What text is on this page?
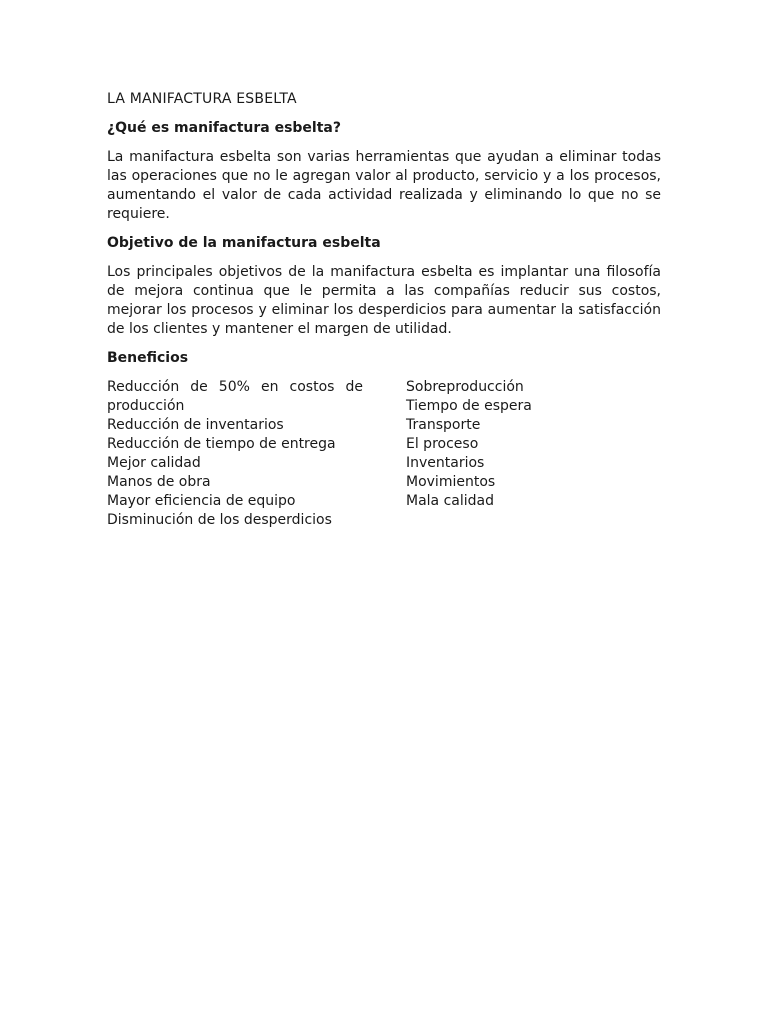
LA MANIFACTURA ESBELTA

¿Qué es manifactura esbelta?

La manifactura esbelta son varias herramientas que ayudan a eliminar todas las operaciones que no le agregan valor al producto, servicio y a los procesos, aumentando el valor de cada actividad realizada y eliminando lo que no se requiere.

Objetivo de la manifactura esbelta

Los principales objetivos de la manifactura esbelta es implantar una filosofía de mejora continua que le permita a las compañías reducir sus costos, mejorar los procesos y eliminar los desperdicios para aumentar la satisfacción de los clientes y mantener el margen de utilidad.

Beneficios

Reducción de 50% en costos de producción

Reducción de inventarios

Reducción de tiempo de entrega

Mejor calidad

Manos de obra

Mayor eficiencia de equipo

Disminución de los desperdicios

Sobreproducción

Tiempo de espera

Transporte

El proceso

Inventarios

Movimientos

Mala calidad
